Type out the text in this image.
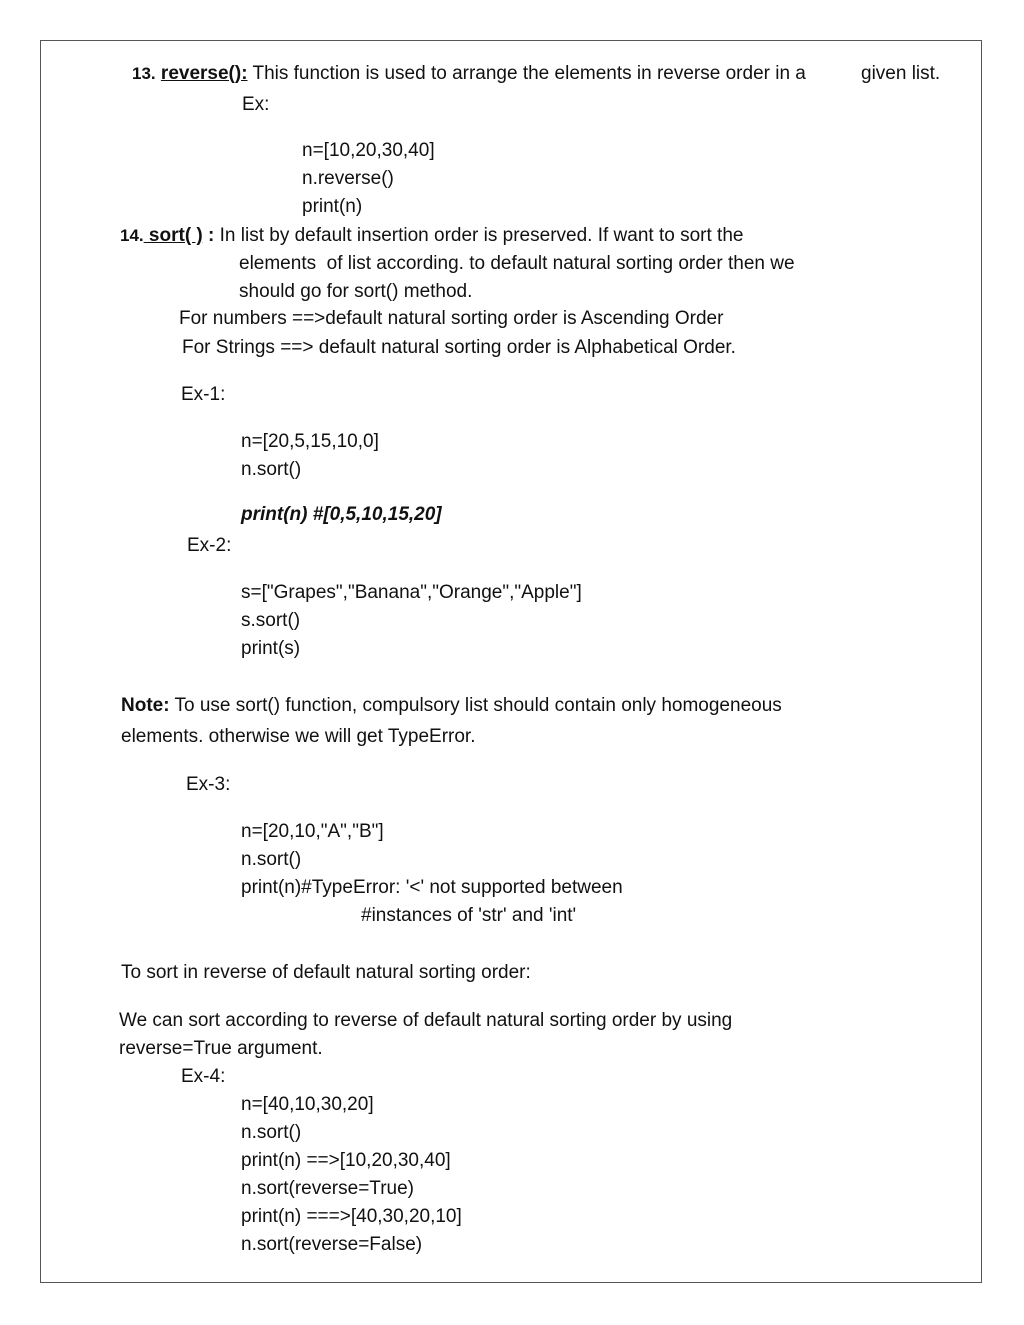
13. reverse(): This function is used to arrange the elements in reverse order in a	given list.
Ex:
n=[10,20,30,40]
n.reverse()
print(n)
14. sort( ) : In list by default insertion order is preserved. If want to sort the
elements  of list according. to default natural sorting order then we
should go for sort() method.
For numbers ==>default natural sorting order is Ascending Order
For Strings ==> default natural sorting order is Alphabetical Order.
Ex-1:
n=[20,5,15,10,0]
n.sort()
print(n) #[0,5,10,15,20]
Ex-2:
s=["Grapes","Banana","Orange","Apple"]
s.sort()
print(s)
Note: To use sort() function, compulsory list should contain only homogeneous
elements. otherwise we will get TypeError.
Ex-3:
n=[20,10,"A","B"]
n.sort()
print(n)#TypeError: '<' not supported between
#instances of 'str' and 'int'
To sort in reverse of default natural sorting order:
We can sort according to reverse of default natural sorting order by using
reverse=True argument.
Ex-4:
n=[40,10,30,20]
n.sort()
print(n) ==>[10,20,30,40]
n.sort(reverse=True)
print(n) ===>[40,30,20,10]
n.sort(reverse=False)
